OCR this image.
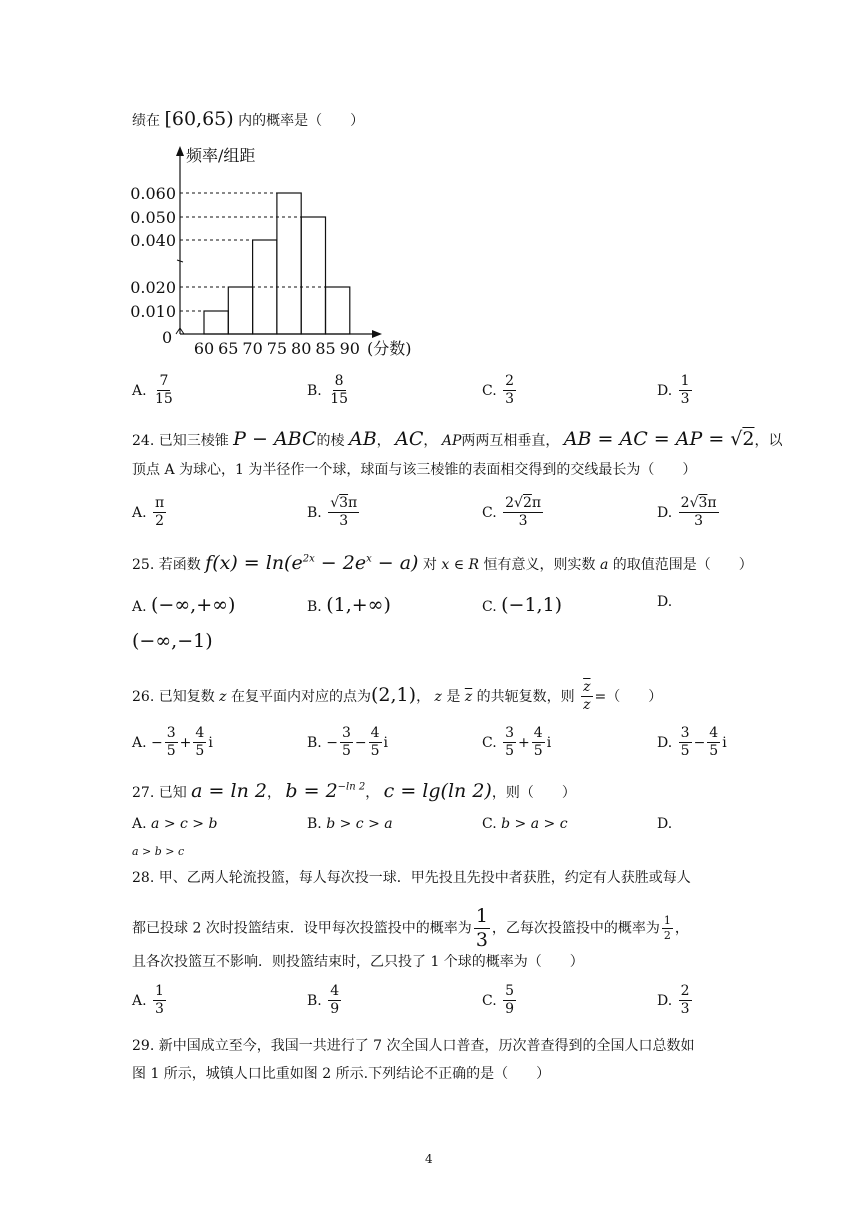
绩在 [60,65) 内的概率是（　　）
频率/组距
(分数)
0
0.010
0.020
0.040
0.050
0.060
60 65 70 75 80 85 90
A. $\frac{7}{15}$	B. $\frac{8}{15}$	C. $\frac{2}{3}$	D. $\frac{1}{3}$
24. 已知三棱锥 P − ABC的棱 AB， AC， AP两两互相垂直， AB = AC = AP = √2，以
顶点 A 为球心，1 为半径作一个球，球面与该三棱锥的表面相交得到的交线最长为（　　）
A. $\frac{\pi}{2}$	B. $\frac{√3\pi}{3}$	C. $\frac{2√2\pi}{3}$	D. $\frac{2√3\pi}{3}$
25. 若函数 $f(x) = \ln(e^{2x} - 2e^x - a)$ 对 x ∈ R 恒有意义，则实数 a 的取值范围是（　　）
A. (−∞,+∞)	B. (1,+∞)	C. (−1,1)	D.
(−∞,−1)
26. 已知复数 z 在复平面内对应的点为(2,1)， z 是 $\overline{z}$ 的共轭复数，则 $\frac{\overline{z}}{z}$ =（　　）
A. − $\frac{3}{5} + \frac{4}{5}$ i	B. − $\frac{3}{5} - \frac{4}{5}$ i	C. $\frac{3}{5} + \frac{4}{5}$ i	D. $\frac{3}{5} - \frac{4}{5}$ i
27. 已知 a = ln 2， $b = 2^{-ln 2}$， c = lg(ln 2)，则（　　）
A. a > c > b	B. b > c > a	C. b > a > c	D.
a > b > c
28. 甲、乙两人轮流投篮，每人每次投一球．甲先投且先投中者获胜，约定有人获胜或每人
都已投球 2 次时投篮结束．设甲每次投篮投中的概率为 $\frac{1}{3}$ ，乙每次投篮投中的概率为 $\frac{1}{2}$ ，
且各次投篮互不影响．则投篮结束时，乙只投了 1 个球的概率为（　　）
A. $\frac{1}{3}$	B. $\frac{4}{9}$	C. $\frac{5}{9}$	D. $\frac{2}{3}$
29. 新中国成立至今，我国一共进行了 7 次全国人口普查，历次普查得到的全国人口总数如
图 1 所示，城镇人口比重如图 2 所示.下列结论不正确的是（　　）
4
